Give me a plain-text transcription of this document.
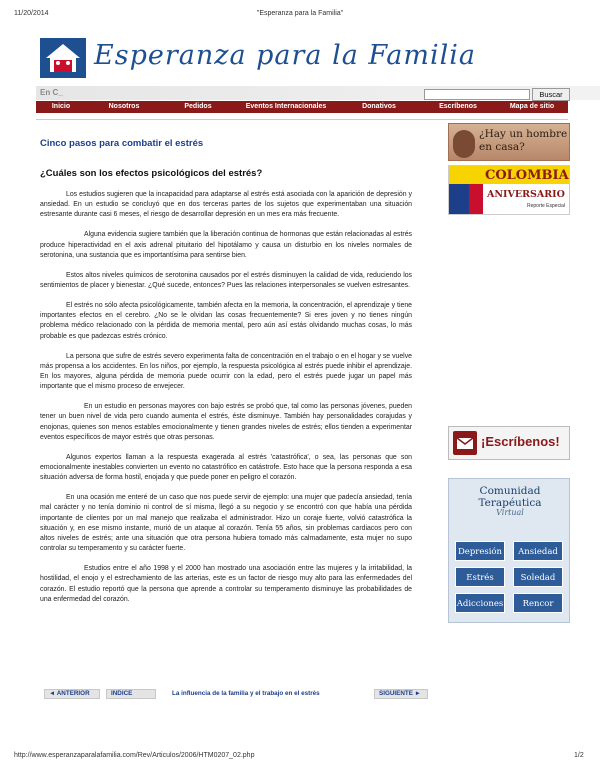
11/20/2014	"Esperanza para la Familia"
Esperanza para la Familia
En C_	Buscar
Inicio	Nosotros	Pedidos	Eventos Internacionales	Donativos	Escríbenos	Mapa de sitio
Cinco pasos para combatir el estrés
¿Cuáles son los efectos psicológicos del estrés?

Los estudios sugieren que la incapacidad para adaptarse al estrés está asociada con la aparición de depresión y ansiedad. En un estudio se concluyó que en dos terceras partes de los sujetos que experimentaban una situación estresante durante casi 6 meses, el riesgo de desarrollar depresión en un mes era más frecuente.

Alguna evidencia sugiere también que la liberación continua de hormonas que están relacionadas al estrés produce hiperactividad en el axis adrenal pituitario del hipotálamo y causa un disturbio en los niveles normales de serotonina, una sustancia que es importantísima para sentirse bien.

Estos altos niveles químicos de serotonina causados por el estrés disminuyen la calidad de vida, reduciendo los sentimientos de placer y bienestar. ¿Qué sucede, entonces? Pues las relaciones interpersonales se vuelven estresantes.

El estrés no sólo afecta psicológicamente, también afecta en la memoria, la concentración, el aprendizaje y tiene importantes efectos en el cerebro. ¿No se le olvidan las cosas frecuentemente? Si eres joven y no tienes ningún problema médico relacionado con la pérdida de memoria mental, pero aún así estás olvidando muchas cosas, lo más probable es que padezcas estrés crónico.

La persona que sufre de estrés severo experimenta falta de concentración en el trabajo o en el hogar y se vuelve más propensa a los accidentes. En los niños, por ejemplo, la respuesta psicológica al estrés puede inhibir el aprendizaje. En los mayores, alguna pérdida de memoria puede ocurrir con la edad, pero el estrés puede jugar un papel más importante que el mismo proceso de envejecer.

En un estudio en personas mayores con bajo estrés se probó que, tal como las personas jóvenes, pueden tener un buen nivel de vida pero cuando aumenta el estrés, éste disminuye. También hay personalidades corajudas y enojonas, quienes son menos estables emocionalmente y tienen grandes niveles de estrés; ellos tienden a experimentar eventos específicos de mayor estrés que otras personas.

Algunos expertos llaman a la respuesta exagerada al estrés 'catastrófica', o sea, las personas que son emocionalmente inestables convierten un evento no catastrófico en catástrofe. Esto hace que la persona responda a esa situación adversa de forma hostil, enojada y que puede poner en peligro el corazón.

En una ocasión me enteré de un caso que nos puede servir de ejemplo: una mujer que padecía ansiedad, tenía mal carácter y no tenía dominio ni control de sí misma, llegó a su negocio y se encontró con que había una pérdida importante de clientes por un mal manejo que realizaba el administrador. Hizo un coraje fuerte, volvió catastrófica la situación y, en ese mismo instante, murió de un ataque al corazón. Tenía 55 años, sin problemas cardiacos pero con altos niveles de estrés; ante una situación que otra persona hubiera tomado más calmadamente, esta mujer no supo controlar su temperamento y su carácter fuerte.

Estudios entre el año 1998 y el 2000 han mostrado una asociación entre las mujeres y la irritabilidad, la hostilidad, el enojo y el estrechamiento de las arterias, este es un factor de riesgo muy alto para las enfermedades del corazón. El estudio reportó que la persona que aprende a controlar su temperamento disminuye las probabilidades de una enfermedad del corazón.

◄ ANTERIOR	INDICE	La influencia de la familia y el trabajo en el estrés	SIGUIENTE ►
¿Hay un hombre en casa?
COLOMBIA
ANIVERSARIO
Reporte Especial
¡Escríbenos!
Comunidad Terapéutica
Virtual
Depresión	Ansiedad
Estrés	Soledad
Adicciones	Rencor
http://www.esperanzaparalafamilia.com/Rev/Articulos/2006/HTM0207_02.php	1/2
